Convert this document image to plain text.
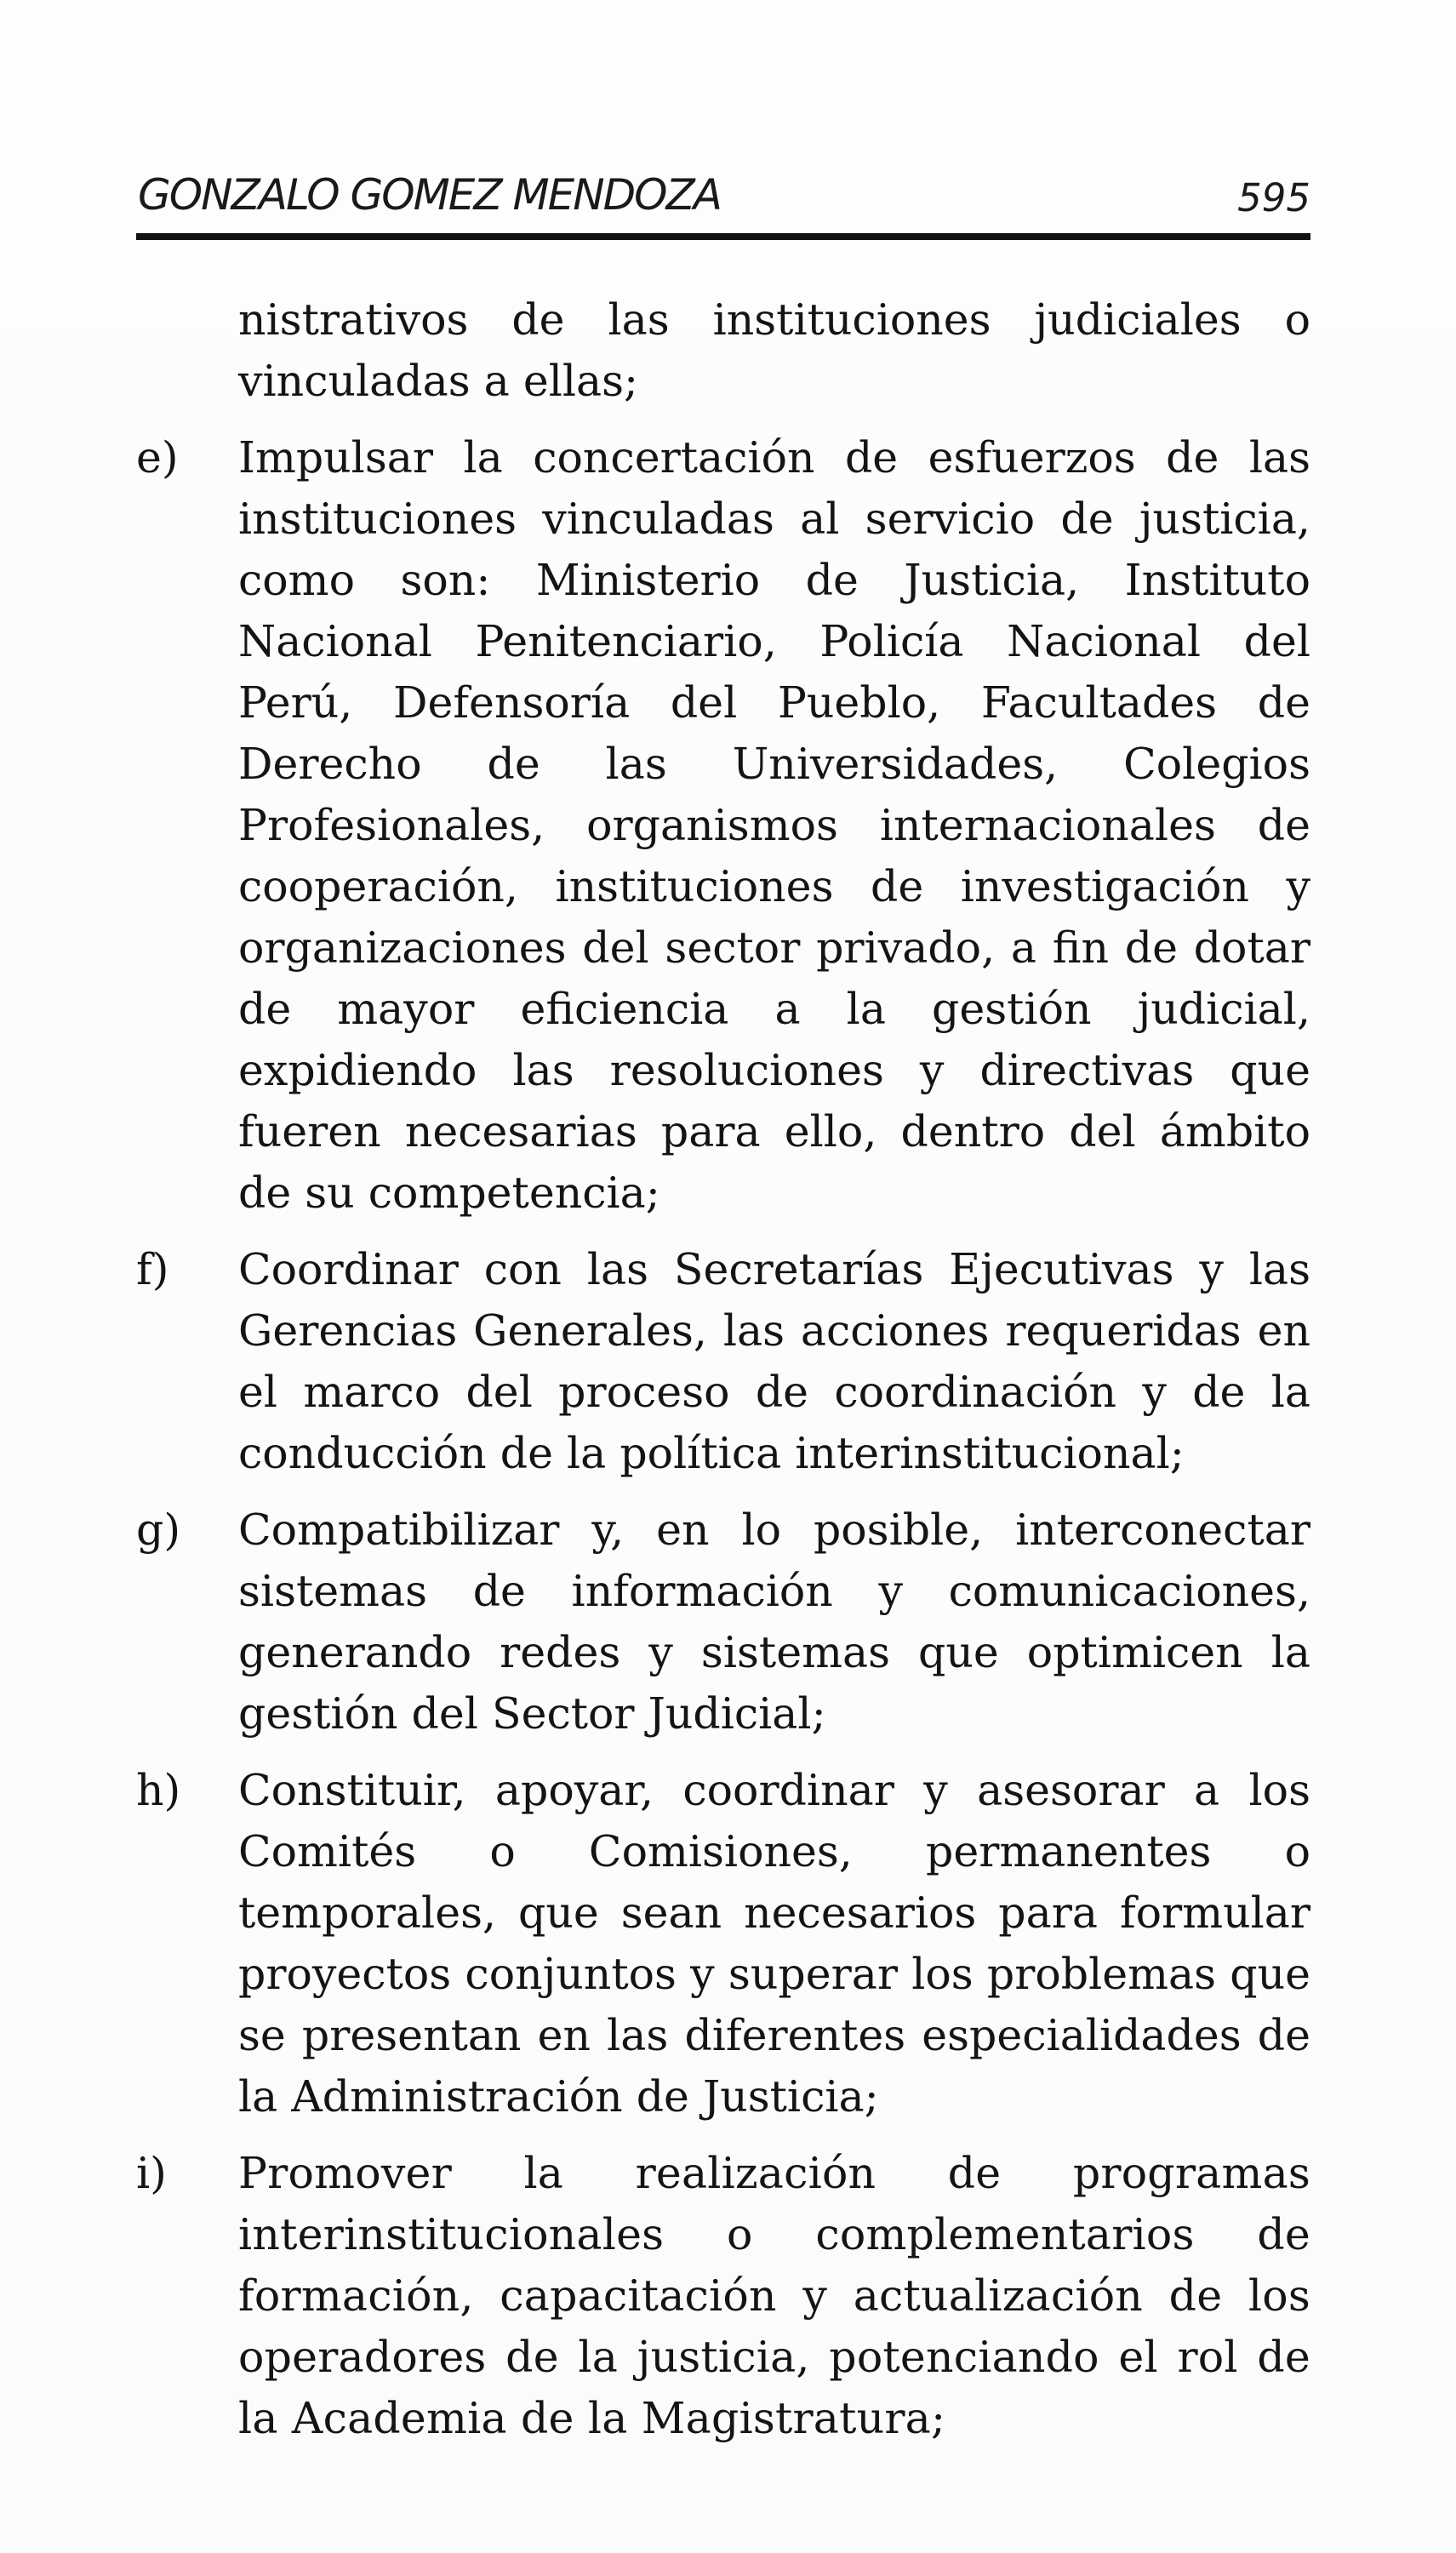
GONZALO GOMEZ MENDOZA	595
nistrativos de las instituciones judiciales o vinculadas a ellas;
e)	Impulsar la concertación de esfuerzos de las instituciones vinculadas al servicio de justicia, como son: Ministerio de Justicia, Instituto Nacional Penitenciario, Policía Nacional del Perú, Defensoría del Pueblo, Facultades de Derecho de las Universidades, Colegios Profesionales, organismos internacionales de cooperación, instituciones de investigación y organizaciones del sector privado, a fin de dotar de mayor eficiencia a la gestión judicial, expidiendo las resoluciones y directivas que fueren necesarias para ello, dentro del ámbito de su competencia;
f)	Coordinar con las Secretarías Ejecutivas y las Gerencias Generales, las acciones requeridas en el marco del proceso de coordinación y de la conducción de la política interinstitucional;
g)	Compatibilizar y, en lo posible, interconectar sistemas de información y comunicaciones, generando redes y sistemas que optimicen la gestión del Sector Judicial;
h)	Constituir, apoyar, coordinar y asesorar a los Comités o Comisiones, permanentes o temporales, que sean necesarios para formular proyectos conjuntos y superar los problemas que se presentan en las diferentes especialidades de la Administración de Justicia;
i)	Promover la realización de programas interinstitucionales o complementarios de formación, capacitación y actualización de los operadores de la justicia, potenciando el rol de la Academia de la Magistratura;
